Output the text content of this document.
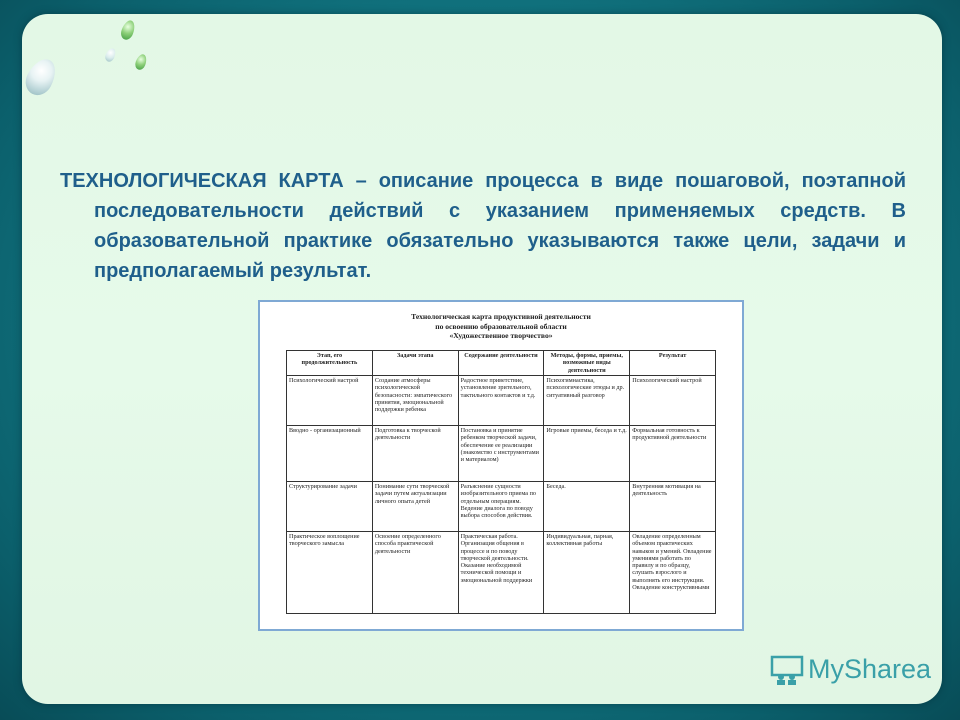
ТЕХНОЛОГИЧЕСКАЯ КАРТА – описание процесса в виде пошаговой, поэтапной последовательности действий с указанием применяемых средств. В образовательной практике обязательно указываются также цели, задачи и предполагаемый результат.
Технологическая карта продуктивной деятельности
по освоению образовательной области
«Художественное творчество»
Этап, его продолжительность	Задачи этапа	Содержание деятельности	Методы, формы, приемы, возможные виды деятельности	Результат
Психологический настрой	Создание атмосферы психологической безопасности: эмпатического принятия, эмоциональной поддержки ребенка	Радостное приветствие, установление зрительного, тактильного контактов и т.д.	Психогимнастика, психологические этюды и др. ситуативный разговор	Психологический настрой
Вводно - организационный	Подготовка к творческой деятельности	Постановка и принятие ребенком творческой задачи, обеспечение ее реализации (знакомство с инструментами и материалом)	Игровые приемы, беседа и т.д.	Формальная готовность к продуктивной деятельности
Структурирование задачи	Понимание сути творческой задачи путем актуализации личного опыта детей	Разъяснение сущности изобразительного приема по отдельным операциям. Ведение диалога по поводу выбора способов действия.	Беседа.	Внутренняя мотивация на деятельность
Практическое воплощение творческого замысла	Освоение определенного способа практической деятельности	Практическая работа. Организация общения в процессе и по поводу творческой деятельности. Оказание необходимой технической помощи и эмоциональной поддержки	Индивидуальная, парная, коллективная работы	Овладение определенным объемом практических навыков и умений. Овладение умениями работать по правилу и по образцу, слушать взрослого и выполнять его инструкции. Овладение конструктивными
MySharea
